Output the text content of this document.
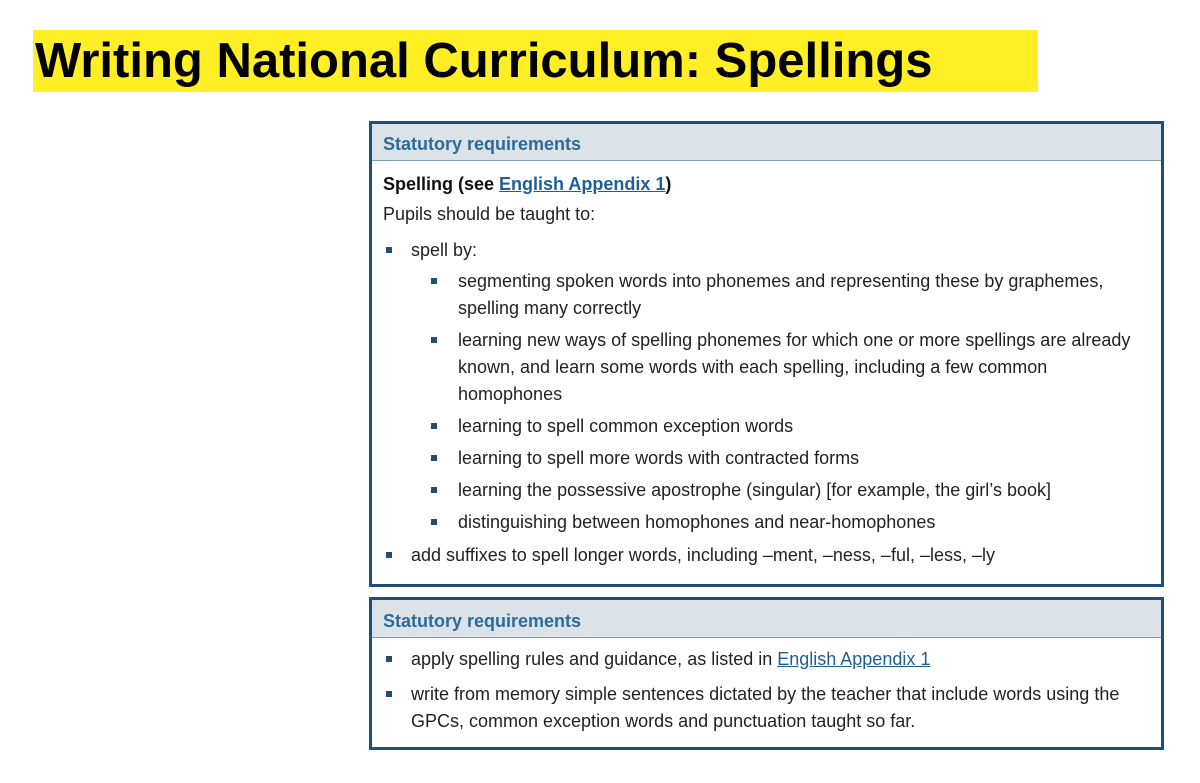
Writing National Curriculum: Spellings
Statutory requirements
Spelling (see English Appendix 1)
Pupils should be taught to:
spell by:
segmenting spoken words into phonemes and representing these by graphemes, spelling many correctly
learning new ways of spelling phonemes for which one or more spellings are already known, and learn some words with each spelling, including a few common homophones
learning to spell common exception words
learning to spell more words with contracted forms
learning the possessive apostrophe (singular) [for example, the girl’s book]
distinguishing between homophones and near-homophones
add suffixes to spell longer words, including –ment, –ness, –ful, –less, –ly
Statutory requirements
apply spelling rules and guidance, as listed in English Appendix 1
write from memory simple sentences dictated by the teacher that include words using the GPCs, common exception words and punctuation taught so far.
